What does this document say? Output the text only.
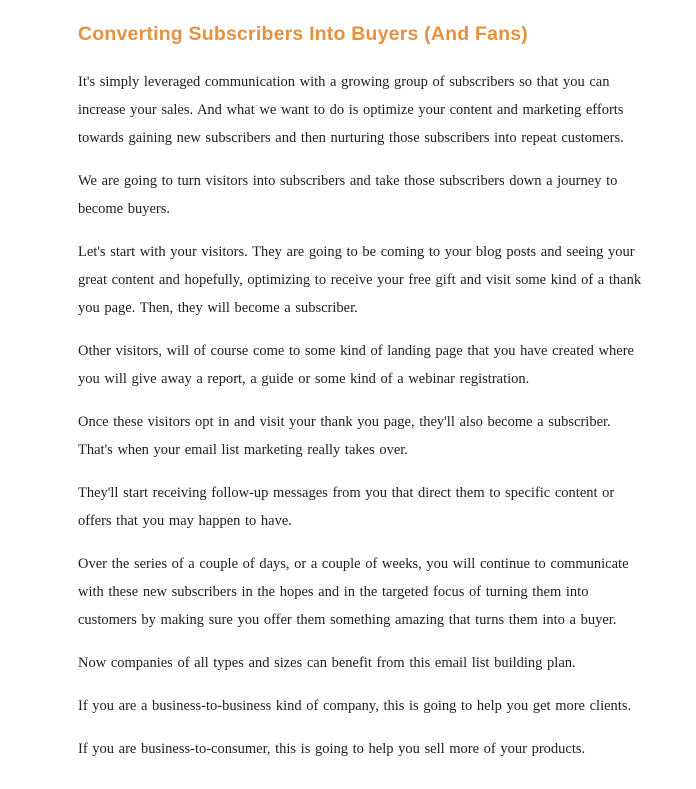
Converting Subscribers Into Buyers (And Fans)

It's simply leveraged communication with a growing group of subscribers so that you can increase your sales. And what we want to do is optimize your content and marketing efforts towards gaining new subscribers and then nurturing those subscribers into repeat customers.

We are going to turn visitors into subscribers and take those subscribers down a journey to become buyers.

Let's start with your visitors. They are going to be coming to your blog posts and seeing your great content and hopefully, optimizing to receive your free gift and visit some kind of a thank you page. Then, they will become a subscriber.

Other visitors, will of course come to some kind of landing page that you have created where you will give away a report, a guide or some kind of a webinar registration.

Once these visitors opt in and visit your thank you page, they'll also become a subscriber. That's when your email list marketing really takes over.

They'll start receiving follow-up messages from you that direct them to specific content or offers that you may happen to have.

Over the series of a couple of days, or a couple of weeks, you will continue to communicate with these new subscribers in the hopes and in the targeted focus of turning them into customers by making sure you offer them something amazing that turns them into a buyer.

Now companies of all types and sizes can benefit from this email list building plan.

If you are a business-to-business kind of company, this is going to help you get more clients.

If you are business-to-consumer, this is going to help you sell more of your products.
